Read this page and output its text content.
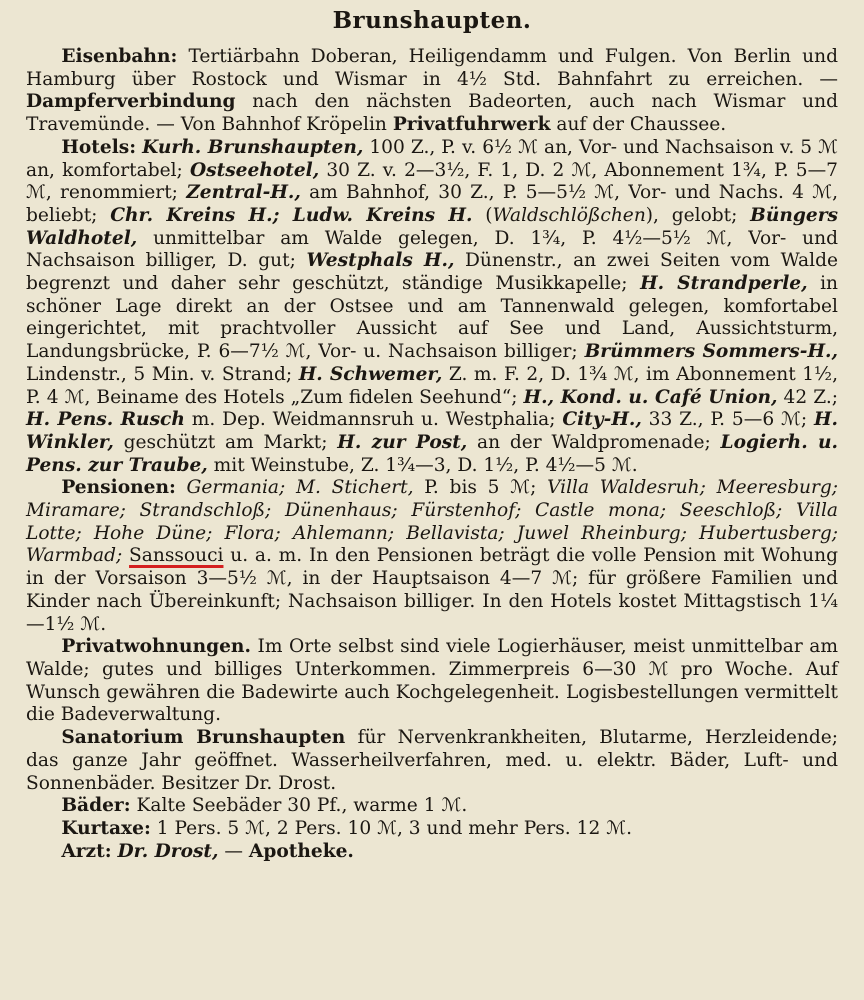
Brunshaupten.

Eisenbahn: Tertiärbahn Doberan, Heiligendamm und Fulgen. Von Berlin und Hamburg über Rostock und Wismar in 4½ Std. Bahnfahrt zu erreichen. — Dampferverbindung nach den nächsten Badeorten, auch nach Wismar und Travemünde. — Von Bahnhof Kröpelin Privatfuhrwerk auf der Chaussee.

Hotels: Kurh. Brunshaupten, 100 Z., P. v. 6½ ℳ an, Vor- und Nachsaison v. 5 ℳ an, komfortabel; Ostseehotel, 30 Z. v. 2—3½, F. 1, D. 2 ℳ, Abonnement 1¾, P. 5—7 ℳ, renommiert; Zentral-H., am Bahnhof, 30 Z., P. 5—5½ ℳ, Vor- und Nachs. 4 ℳ, beliebt; Chr. Kreins H.; Ludw. Kreins H. (Waldschlößchen), gelobt; Büngers Waldhotel, unmittelbar am Walde gelegen, D. 1¾, P. 4½—5½ ℳ, Vor- und Nachsaison billiger, D. gut; Westphals H., Dünenstr., an zwei Seiten vom Walde begrenzt und daher sehr geschützt, ständige Musikkapelle; H. Strandperle, in schöner Lage direkt an der Ostsee und am Tannenwald gelegen, komfortabel eingerichtet, mit prachtvoller Aussicht auf See und Land, Aussichtsturm, Landungsbrücke, P. 6—7½ ℳ, Vor- u. Nachsaison billiger; Brümmers Sommers-H., Lindenstr., 5 Min. v. Strand; H. Schwemer, Z. m. F. 2, D. 1¾ ℳ, im Abonnement 1½, P. 4 ℳ, Beiname des Hotels „Zum fidelen Seehund“; H., Kond. u. Café Union, 42 Z.; H. Pens. Rusch m. Dep. Weidmannsruh u. Westphalia; City-H., 33 Z., P. 5—6 ℳ; H. Winkler, geschützt am Markt; H. zur Post, an der Waldpromenade; Logierh. u. Pens. zur Traube, mit Weinstube, Z. 1¾—3, D. 1½, P. 4½—5 ℳ.

Pensionen: Germania; M. Stichert, P. bis 5 ℳ; Villa Waldesruh; Meeresburg; Miramare; Strandschloß; Dünenhaus; Fürstenhof; Castle mona; Seeschloß; Villa Lotte; Hohe Düne; Flora; Ahlemann; Bellavista; Juwel Rheinburg; Hubertusberg; Warmbad; Sanssouci u. a. m. In den Pensionen beträgt die volle Pension mit Wohung in der Vorsaison 3—5½ ℳ, in der Hauptsaison 4—7 ℳ; für größere Familien und Kinder nach Übereinkunft; Nachsaison billiger. In den Hotels kostet Mittagstisch 1¼—1½ ℳ.

Privatwohnungen. Im Orte selbst sind viele Logierhäuser, meist unmittelbar am Walde; gutes und billiges Unterkommen. Zimmerpreis 6—30 ℳ pro Woche. Auf Wunsch gewähren die Badewirte auch Kochgelegenheit. Logisbestellungen vermittelt die Badeverwaltung.

Sanatorium Brunshaupten für Nervenkrankheiten, Blutarme, Herzleidende; das ganze Jahr geöffnet. Wasserheilverfahren, med. u. elektr. Bäder, Luft- und Sonnenbäder. Besitzer Dr. Drost.

Bäder: Kalte Seebäder 30 Pf., warme 1 ℳ.

Kurtaxe: 1 Pers. 5 ℳ, 2 Pers. 10 ℳ, 3 und mehr Pers. 12 ℳ.

Arzt: Dr. Drost, — Apotheke.
